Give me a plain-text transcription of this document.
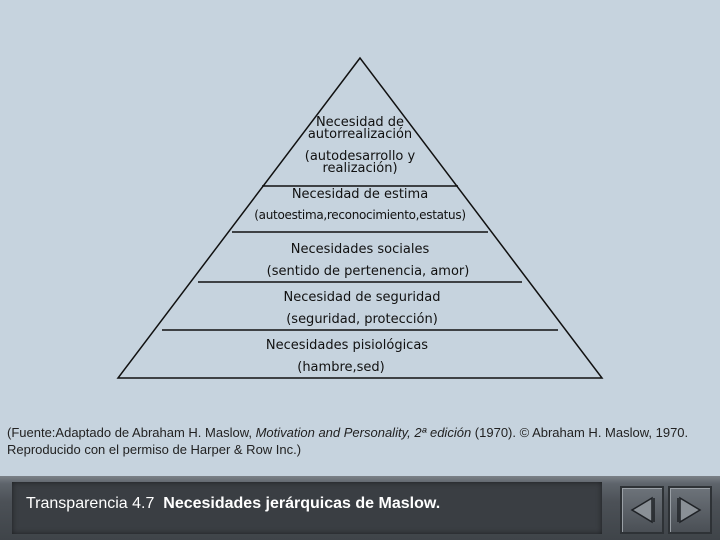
Necesidad de
autorrealización
(autodesarrollo y
realización)
Necesidad de estima
(autoestima,reconocimiento,estatus)
Necesidades sociales
(sentido de pertenencia, amor)
Necesidad de seguridad
(seguridad, protección)
Necesidades pisiológicas
(hambre,sed)
(Fuente:Adaptado de Abraham H. Maslow, Motivation and Personality, 2ª edición (1970). © Abraham H. Maslow, 1970. Reproducido con el permiso de Harper & Row Inc.)
Transparencia 4.7 Necesidades jerárquicas de Maslow.
